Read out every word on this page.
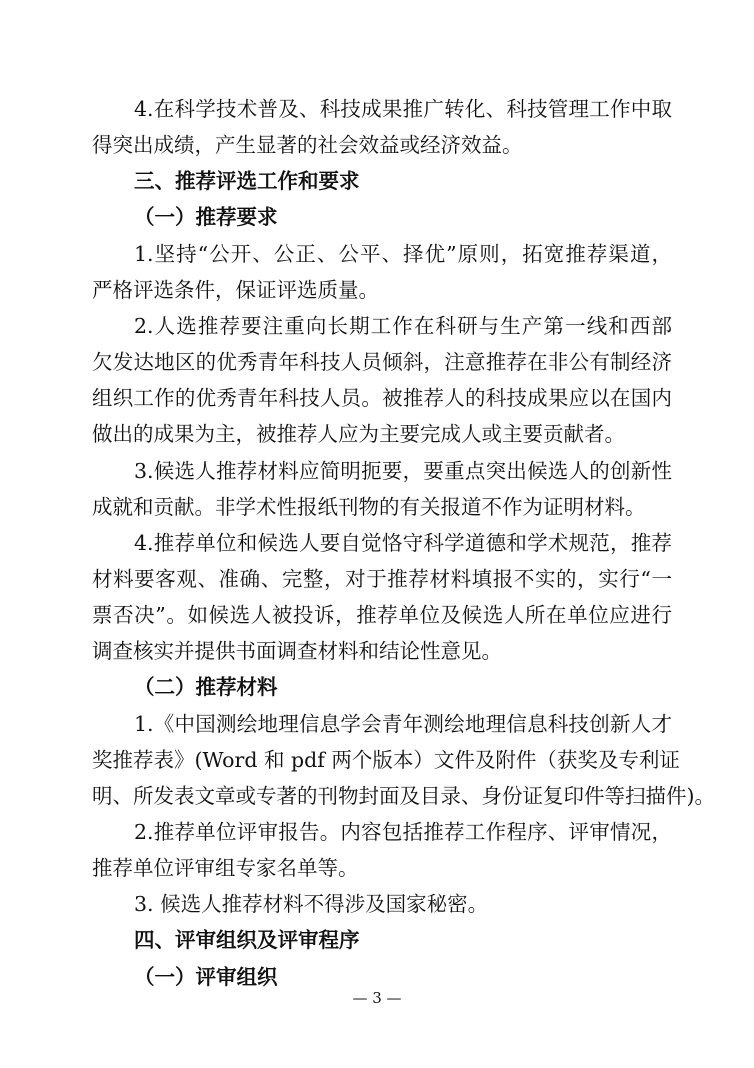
4.在科学技术普及、科技成果推广转化、科技管理工作中取
得突出成绩，产生显著的社会效益或经济效益。
三、推荐评选工作和要求
（一）推荐要求
1.坚持“公开、公正、公平、择优”原则，拓宽推荐渠道，
严格评选条件，保证评选质量。
2.人选推荐要注重向长期工作在科研与生产第一线和西部
欠发达地区的优秀青年科技人员倾斜，注意推荐在非公有制经济
组织工作的优秀青年科技人员。被推荐人的科技成果应以在国内
做出的成果为主，被推荐人应为主要完成人或主要贡献者。
3.候选人推荐材料应简明扼要，要重点突出候选人的创新性
成就和贡献。非学术性报纸刊物的有关报道不作为证明材料。
4.推荐单位和候选人要自觉恪守科学道德和学术规范，推荐
材料要客观、准确、完整，对于推荐材料填报不实的，实行“一
票否决”。如候选人被投诉，推荐单位及候选人所在单位应进行
调查核实并提供书面调查材料和结论性意见。
（二）推荐材料
1.《中国测绘地理信息学会青年测绘地理信息科技创新人才
奖推荐表》(Word 和 pdf 两个版本）文件及附件（获奖及专利证
明、所发表文章或专著的刊物封面及目录、身份证复印件等扫描件)。
2.推荐单位评审报告。内容包括推荐工作程序、评审情况，
推荐单位评审组专家名单等。
3. 候选人推荐材料不得涉及国家秘密。
四、评审组织及评审程序
（一）评审组织
— 3 —
